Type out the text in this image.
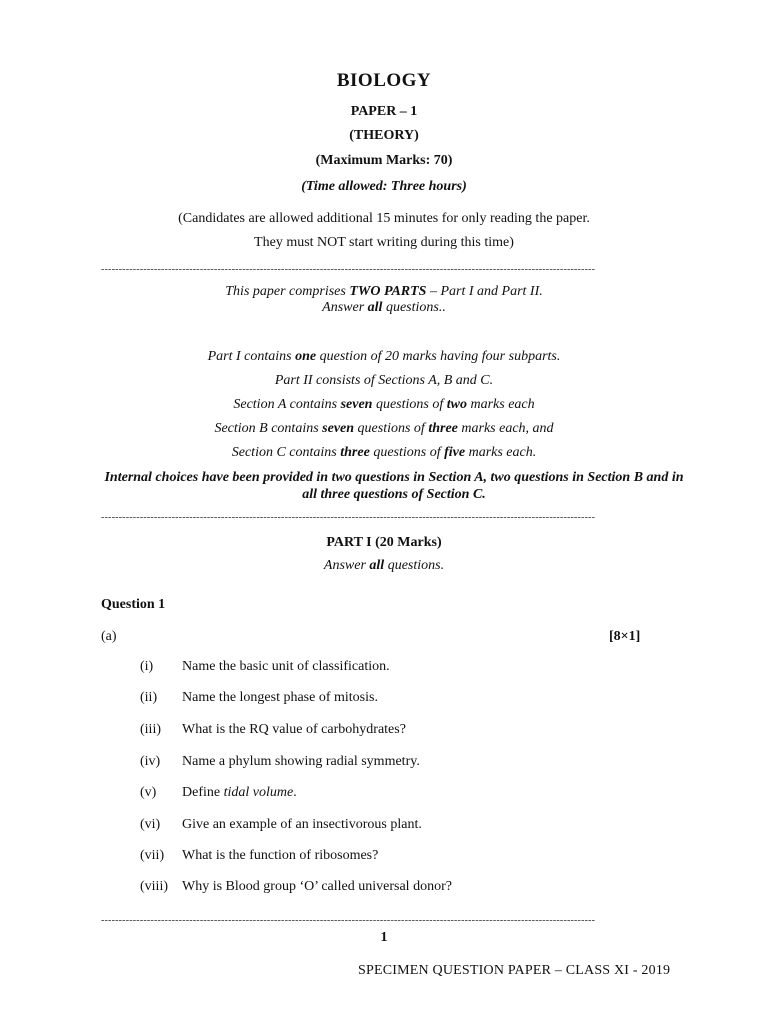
BIOLOGY
PAPER – 1
(THEORY)
(Maximum Marks: 70)
(Time allowed: Three hours)
(Candidates are allowed additional 15 minutes for only reading the paper.
They must NOT start writing during this time)
--------------------------------------------------------------------------------------------------------------------------------------------
This paper comprises TWO PARTS – Part I and Part II.
Answer all questions..
Part I contains one question of 20 marks having four subparts.
Part II consists of Sections A, B and C.
Section A contains seven questions of two marks each
Section B contains seven questions of three marks each, and
Section C contains three questions of five marks each.
Internal choices have been provided in two questions in Section A, two questions in Section B and in
all three questions of Section C.
--------------------------------------------------------------------------------------------------------------------------------------------
PART I (20 Marks)
Answer all questions.
Question 1
(a)	[8×1]
(i) Name the basic unit of classification.
(ii) Name the longest phase of mitosis.
(iii) What is the RQ value of carbohydrates?
(iv) Name a phylum showing radial symmetry.
(v) Define tidal volume.
(vi) Give an example of an insectivorous plant.
(vii) What is the function of ribosomes?
(viii) Why is Blood group ‘O’ called universal donor?
--------------------------------------------------------------------------------------------------------------------------------------------
1
SPECIMEN QUESTION PAPER – CLASS XI - 2019
